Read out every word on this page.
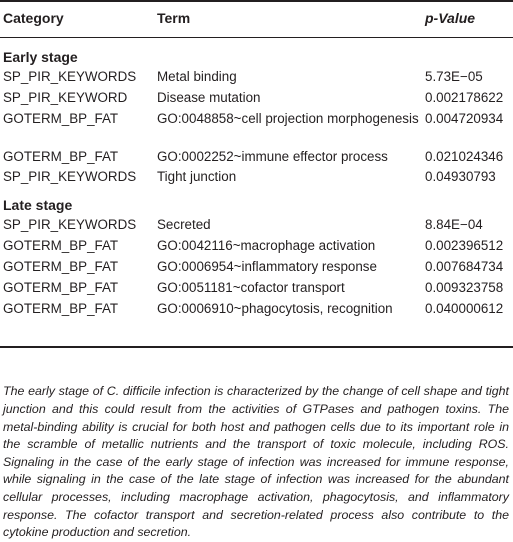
Category	Term	p-Value
Early stage
SP_PIR_KEYWORDS Metal binding	5.73E−05
SP_PIR_KEYWORD Disease mutation	0.002178622
GOTERM_BP_FAT	GO:0048858~cell projection morphogenesis 0.004720934
GOTERM_BP_FAT	GO:0002252~immune effector process	0.021024346
SP_PIR_KEYWORDS Tight junction	0.04930793
Late stage
SP_PIR_KEYWORDS Secreted	8.84E−04
GOTERM_BP_FAT	GO:0042116~macrophage activation	0.002396512
GOTERM_BP_FAT	GO:0006954~inflammatory response	0.007684734
GOTERM_BP_FAT	GO:0051181~cofactor transport	0.009323758
GOTERM_BP_FAT	GO:0006910~phagocytosis, recognition	0.040000612

The early stage of C. difficile infection is characterized by the change of cell shape and tight junction and this could result from the activities of GTPases and pathogen toxins. The metal-binding ability is crucial for both host and pathogen cells due to its important role in the scramble of metallic nutrients and the transport of toxic molecule, including ROS. Signaling in the case of the early stage of infection was increased for immune response, while signaling in the case of the late stage of infection was increased for the abundant cellular processes, including macrophage activation, phagocytosis, and inflammatory response. The cofactor transport and secretion-related process also contribute to the cytokine production and secretion.
